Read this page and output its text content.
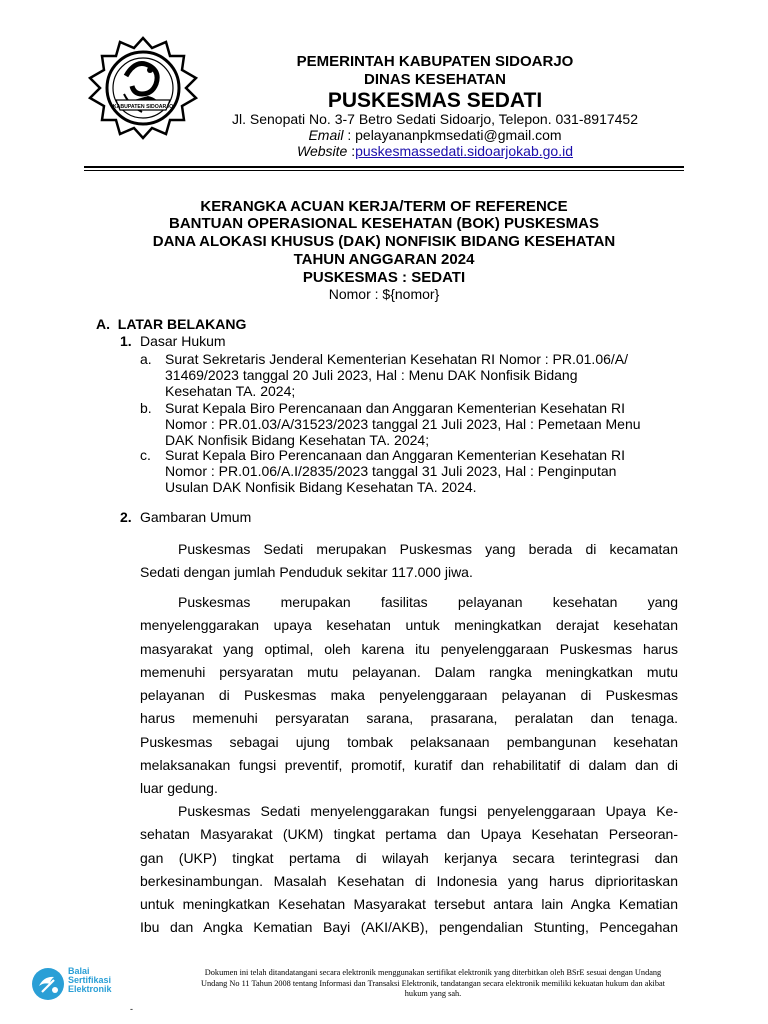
KABUPATEN SIDOARJO
PEMERINTAH KABUPATEN SIDOARJO
DINAS KESEHATAN
PUSKESMAS SEDATI
Jl. Senopati No. 3-7 Betro Sedati Sidoarjo, Telepon. 031-8917452
Email : pelayananpkmsedati@gmail.com
Website :puskesmassedati.sidoarjokab.go.id
KERANGKA ACUAN KERJA/TERM OF REFERENCE
BANTUAN OPERASIONAL KESEHATAN (BOK) PUSKESMAS
DANA ALOKASI KHUSUS (DAK) NONFISIK BIDANG KESEHATAN
TAHUN ANGGARAN 2024
PUSKESMAS : SEDATI
Nomor : ${nomor}
A.  LATAR BELAKANG
1. Dasar Hukum
a. Surat Sekretaris Jenderal Kementerian Kesehatan RI Nomor : PR.01.06/A/
31469/2023 tanggal 20 Juli 2023, Hal : Menu DAK Nonfisik Bidang
Kesehatan TA. 2024;
b. Surat Kepala Biro Perencanaan dan Anggaran Kementerian Kesehatan RI
Nomor : PR.01.03/A/31523/2023 tanggal 21 Juli 2023, Hal : Pemetaan Menu
DAK Nonfisik Bidang Kesehatan TA. 2024;
c. Surat Kepala Biro Perencanaan dan Anggaran Kementerian Kesehatan RI
Nomor : PR.01.06/A.I/2835/2023 tanggal 31 Juli 2023, Hal : Penginputan
Usulan DAK Nonfisik Bidang Kesehatan TA. 2024.
2. Gambaran Umum
Puskesmas Sedati merupakan Puskesmas yang berada di kecamatan
Sedati dengan jumlah Penduduk sekitar 117.000 jiwa.
Puskesmas merupakan fasilitas pelayanan kesehatan yang
menyelenggarakan upaya kesehatan untuk meningkatkan derajat kesehatan
masyarakat yang optimal, oleh karena itu penyelenggaraan Puskesmas harus
memenuhi persyaratan mutu pelayanan. Dalam rangka meningkatkan mutu
pelayanan di Puskesmas maka penyelenggaraan pelayanan di Puskesmas
harus memenuhi persyaratan sarana, prasarana, peralatan dan tenaga.
Puskesmas sebagai ujung tombak pelaksanaan pembangunan kesehatan
melaksanakan fungsi preventif, promotif, kuratif dan rehabilitatif di dalam dan di
luar gedung.
Puskesmas Sedati menyelenggarakan fungsi penyelenggaraan Upaya Ke-
sehatan Masyarakat (UKM) tingkat pertama dan Upaya Kesehatan Perseoran-
gan (UKP) tingkat pertama di wilayah kerjanya secara terintegrasi dan
berkesinambungan. Masalah Kesehatan di Indonesia yang harus diprioritaskan
untuk meningkatkan Kesehatan Masyarakat tersebut antara lain Angka Kematian
Ibu dan Angka Kematian Bayi (AKI/AKB), pengendalian Stunting, Pencegahan
Balai
Sertifikasi
Elektronik
Dokumen ini telah ditandatangani secara elektronik menggunakan sertifikat elektronik yang diterbitkan oleh BSrE sesuai dengan Undang
Undang No 11 Tahun 2008 tentang Informasi dan Transaksi Elektronik, tandatangan secara elektronik memiliki kekuatan hukum dan akibat
hukum yang sah.
-
